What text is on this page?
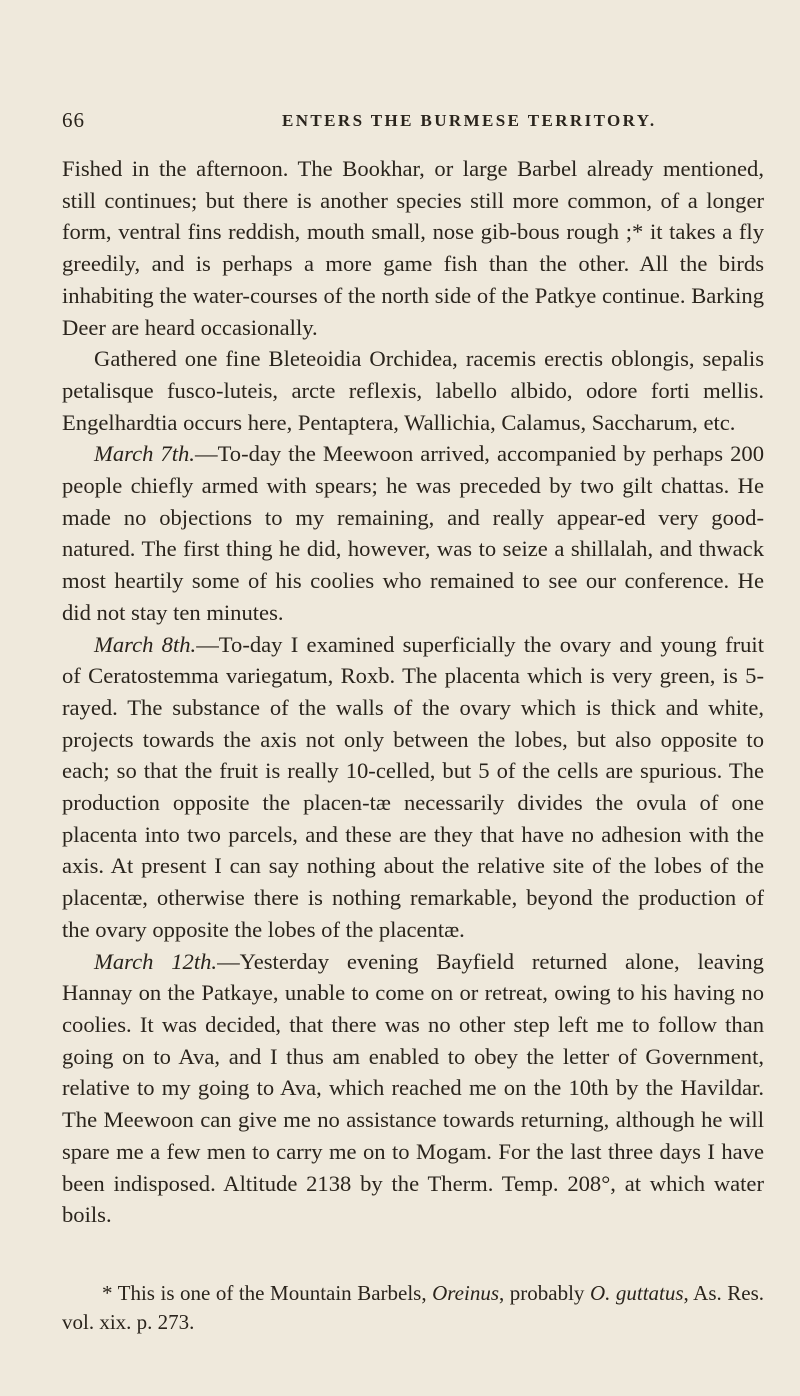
66	ENTERS THE BURMESE TERRITORY.

Fished in the afternoon. The Bookhar, or large Barbel already mentioned, still continues; but there is another species still more common, of a longer form, ventral fins reddish, mouth small, nose gib-bous rough ;* it takes a fly greedily, and is perhaps a more game fish than the other. All the birds inhabiting the water-courses of the north side of the Patkye continue. Barking Deer are heard occasionally.

Gathered one fine Bleteoidia Orchidea, racemis erectis oblongis, sepalis petalisque fusco-luteis, arcte reflexis, labello albido, odore forti mellis. Engelhardtia occurs here, Pentaptera, Wallichia, Calamus, Saccharum, etc.

March 7th.—To-day the Meewoon arrived, accompanied by perhaps 200 people chiefly armed with spears; he was preceded by two gilt chattas. He made no objections to my remaining, and really appear-ed very good-natured. The first thing he did, however, was to seize a shillalah, and thwack most heartily some of his coolies who remained to see our conference. He did not stay ten minutes.

March 8th.—To-day I examined superficially the ovary and young fruit of Ceratostemma variegatum, Roxb. The placenta which is very green, is 5-rayed. The substance of the walls of the ovary which is thick and white, projects towards the axis not only between the lobes, but also opposite to each; so that the fruit is really 10-celled, but 5 of the cells are spurious. The production opposite the placen-tæ necessarily divides the ovula of one placenta into two parcels, and these are they that have no adhesion with the axis. At present I can say nothing about the relative site of the lobes of the placentæ, otherwise there is nothing remarkable, beyond the production of the ovary opposite the lobes of the placentæ.

March 12th.—Yesterday evening Bayfield returned alone, leaving Hannay on the Patkaye, unable to come on or retreat, owing to his having no coolies. It was decided, that there was no other step left me to follow than going on to Ava, and I thus am enabled to obey the letter of Government, relative to my going to Ava, which reached me on the 10th by the Havildar. The Meewoon can give me no assistance towards returning, although he will spare me a few men to carry me on to Mogam. For the last three days I have been indisposed. Altitude 2138 by the Therm. Temp. 208°, at which water boils.

* This is one of the Mountain Barbels, Oreinus, probably O. guttatus, As. Res. vol. xix. p. 273.
